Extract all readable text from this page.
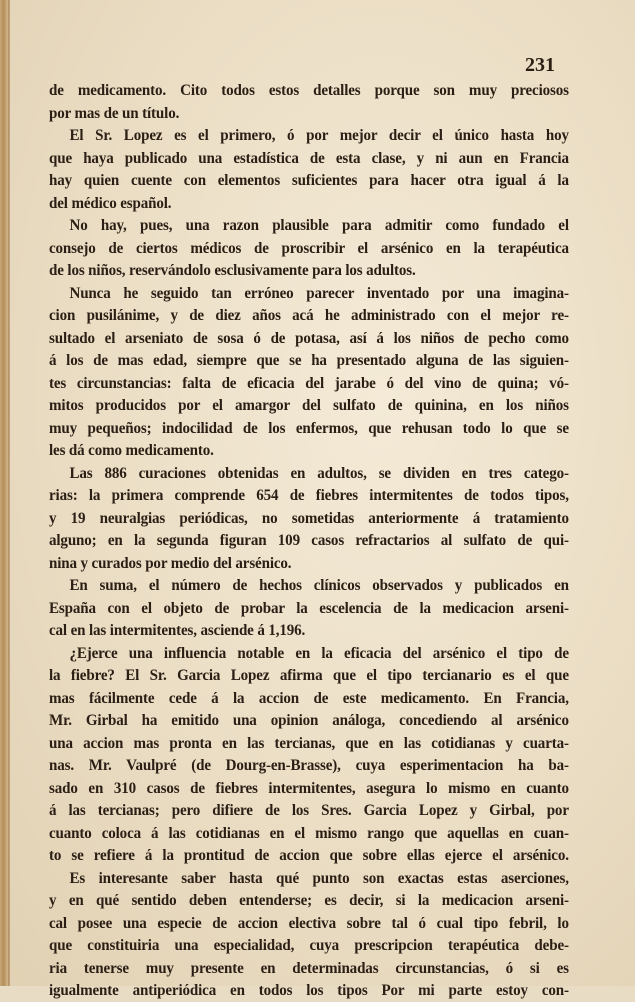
231
de medicamento. Cito todos estos detalles porque son muy preciosos
por mas de un título.
El Sr. Lopez es el primero, ó por mejor decir el único hasta hoy
que haya publicado una estadística de esta clase, y ni aun en Francia
hay quien cuente con elementos suficientes para hacer otra igual á la
del médico español.
No hay, pues, una razon plausible para admitir como fundado el
consejo de ciertos médicos de proscribir el arsénico en la terapéutica
de los niños, reservándolo esclusivamente para los adultos.
Nunca he seguido tan erróneo parecer inventado por una imagina-
cion pusilánime, y de diez años acá he administrado con el mejor re-
sultado el arseniato de sosa ó de potasa, así á los niños de pecho como
á los de mas edad, siempre que se ha presentado alguna de las siguien-
tes circunstancias: falta de eficacia del jarabe ó del vino de quina; vó-
mitos producidos por el amargor del sulfato de quinina, en los niños
muy pequeños; indocilidad de los enfermos, que rehusan todo lo que se
les dá como medicamento.
Las 886 curaciones obtenidas en adultos, se dividen en tres catego-
rias: la primera comprende 654 de fiebres intermitentes de todos tipos,
y 19 neuralgias periódicas, no sometidas anteriormente á tratamiento
alguno; en la segunda figuran 109 casos refractarios al sulfato de qui-
nina y curados por medio del arsénico.
En suma, el número de hechos clínicos observados y publicados en
España con el objeto de probar la escelencia de la medicacion arseni-
cal en las intermitentes, asciende á 1,196.
¿Ejerce una influencia notable en la eficacia del arsénico el tipo de
la fiebre? El Sr. Garcia Lopez afirma que el tipo tercianario es el que
mas fácilmente cede á la accion de este medicamento. En Francia,
Mr. Girbal ha emitido una opinion análoga, concediendo al arsénico
una accion mas pronta en las tercianas, que en las cotidianas y cuarta-
nas. Mr. Vaulpré (de Dourg-en-Brasse), cuya esperimentacion ha ba-
sado en 310 casos de fiebres intermitentes, asegura lo mismo en cuanto
á las tercianas; pero difiere de los Sres. Garcia Lopez y Girbal, por
cuanto coloca á las cotidianas en el mismo rango que aquellas en cuan-
to se refiere á la prontitud de accion que sobre ellas ejerce el arsénico.
Es interesante saber hasta qué punto son exactas estas aserciones,
y en qué sentido deben entenderse; es decir, si la medicacion arseni-
cal posee una especie de accion electiva sobre tal ó cual tipo febril, lo
que constituiria una especialidad, cuya prescripcion terapéutica debe-
ria tenerse muy presente en determinadas circunstancias, ó si es
igualmente antiperiódica en todos los tipos Por mi parte estoy con-
